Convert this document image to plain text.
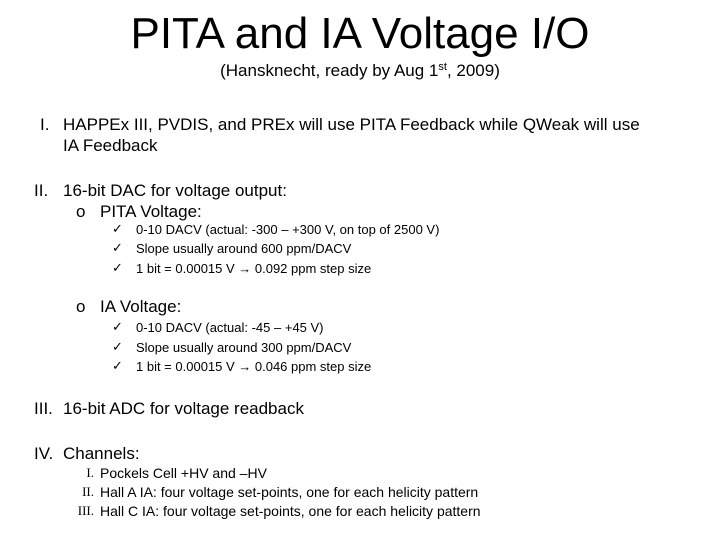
PITA and IA Voltage I/O
(Hansknecht, ready by Aug 1st, 2009)
I. HAPPEx III, PVDIS, and PREx will use PITA Feedback while QWeak will use
IA Feedback
II. 16-bit DAC for voltage output:
o PITA Voltage:
✓ 0-10 DACV (actual: -300 – +300 V, on top of 2500 V)
✓ Slope usually around 600 ppm/DACV
✓ 1 bit = 0.00015 V → 0.092 ppm step size
o IA Voltage:
✓ 0-10 DACV (actual: -45 – +45 V)
✓ Slope usually around 300 ppm/DACV
✓ 1 bit = 0.00015 V → 0.046 ppm step size
III. 16-bit ADC for voltage readback
IV. Channels:
I. Pockels Cell +HV and –HV
II. Hall A IA: four voltage set-points, one for each helicity pattern
III. Hall C IA: four voltage set-points, one for each helicity pattern
